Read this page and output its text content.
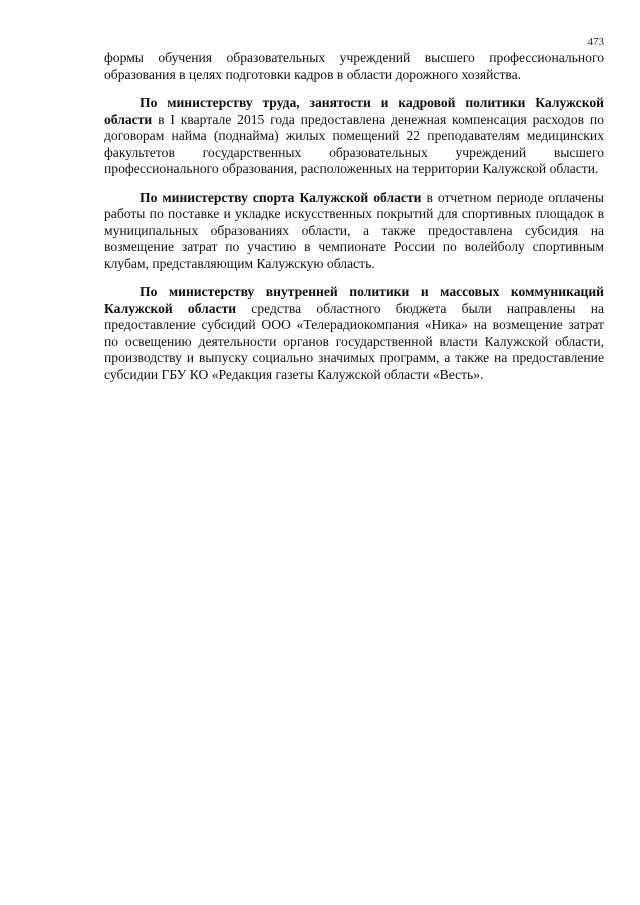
473

формы обучения образовательных учреждений высшего профессионального образования в целях подготовки кадров в области дорожного хозяйства.

По министерству труда, занятости и кадровой политики Калужской области в I квартале 2015 года предоставлена денежная компенсация расходов по договорам найма (поднайма) жилых помещений 22 преподавателям медицинских факультетов государственных образовательных учреждений высшего профессионального образования, расположенных на территории Калужской области.

По министерству спорта Калужской области в отчетном периоде оплачены работы по поставке и укладке искусственных покрытий для спортивных площадок в муниципальных образованиях области, а также предоставлена субсидия на возмещение затрат по участию в чемпионате России по волейболу спортивным клубам, представляющим Калужскую область.

По министерству внутренней политики и массовых коммуникаций Калужской области средства областного бюджета были направлены на предоставление субсидий ООО «Телерадиокомпания «Ника» на возмещение затрат по освещению деятельности органов государственной власти Калужской области, производству и выпуску социально значимых программ, а также на предоставление субсидии ГБУ КО «Редакция газеты Калужской области «Весть».
